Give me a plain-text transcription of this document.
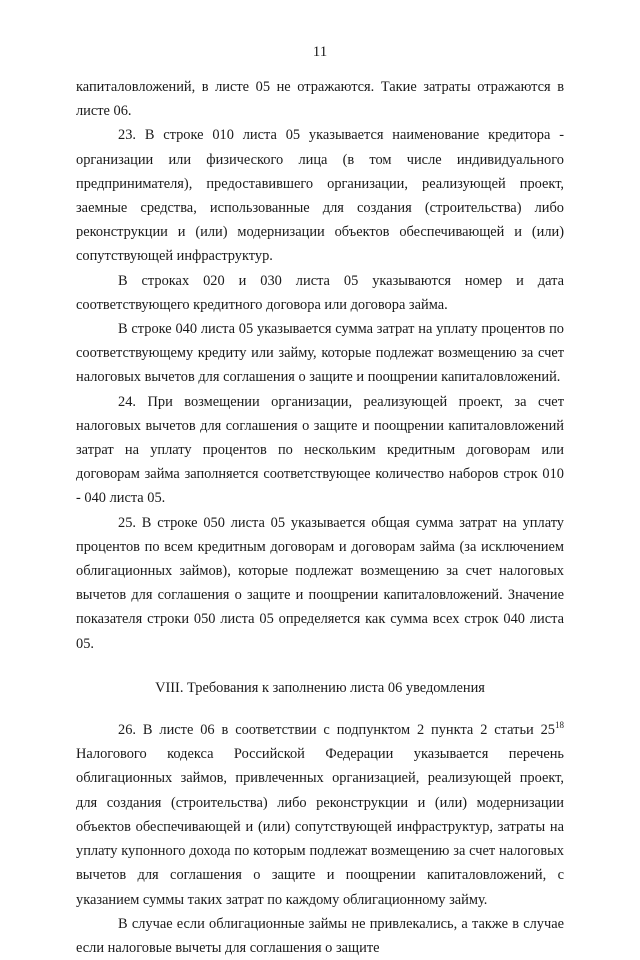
11

капиталовложений, в листе 05 не отражаются. Такие затраты отражаются в листе 06.

23. В строке 010 листа 05 указывается наименование кредитора - организации или физического лица (в том числе индивидуального предпринимателя), предоставившего организации, реализующей проект, заемные средства, использованные для создания (строительства) либо реконструкции и (или) модернизации объектов обеспечивающей и (или) сопутствующей инфраструктур.

В строках 020 и 030 листа 05 указываются номер и дата соответствующего кредитного договора или договора займа.

В строке 040 листа 05 указывается сумма затрат на уплату процентов по соответствующему кредиту или займу, которые подлежат возмещению за счет налоговых вычетов для соглашения о защите и поощрении капиталовложений.

24. При возмещении организации, реализующей проект, за счет налоговых вычетов для соглашения о защите и поощрении капиталовложений затрат на уплату процентов по нескольким кредитным договорам или договорам займа заполняется соответствующее количество наборов строк 010 - 040 листа 05.

25. В строке 050 листа 05 указывается общая сумма затрат на уплату процентов по всем кредитным договорам и договорам займа (за исключением облигационных займов), которые подлежат возмещению за счет налоговых вычетов для соглашения о защите и поощрении капиталовложений. Значение показателя строки 050 листа 05 определяется как сумма всех строк 040 листа 05.

VIII. Требования к заполнению листа 06 уведомления

26. В листе 06 в соответствии с подпунктом 2 пункта 2 статьи $25^{18}$ Налогового кодекса Российской Федерации указывается перечень облигационных займов, привлеченных организацией, реализующей проект, для создания (строительства) либо реконструкции и (или) модернизации объектов обеспечивающей и (или) сопутствующей инфраструктур, затраты на уплату купонного дохода по которым подлежат возмещению за счет налоговых вычетов для соглашения о защите и поощрении капиталовложений, с указанием суммы таких затрат по каждому облигационному займу.

В случае если облигационные займы не привлекались, а также в случае если налоговые вычеты для соглашения о защите
